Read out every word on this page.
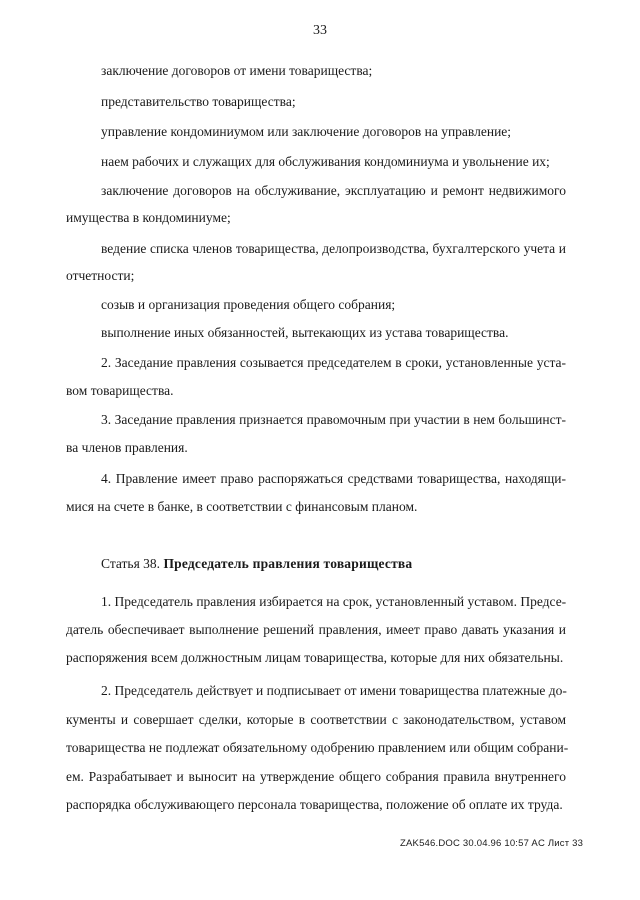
33
заключение договоров от имени товарищества;
представительство товарищества;
управление кондоминиумом или заключение договоров на управление;
наем рабочих и служащих для обслуживания кондоминиума и увольнение их;
заключение договоров на обслуживание, эксплуатацию и ремонт недвижимого
имущества в кондоминиуме;
ведение списка членов товарищества, делопроизводства, бухгалтерского учета и
отчетности;
созыв и организация проведения общего собрания;
выполнение иных обязанностей, вытекающих из устава товарищества.
2. Заседание правления созывается председателем в сроки, установленные уста-
вом товарищества.
3. Заседание правления признается правомочным при участии в нем большинст-
ва членов правления.
4. Правление имеет право распоряжаться средствами товарищества, находящи-
мися на счете в банке, в соответствии с финансовым планом.
Статья 38. Председатель правления товарищества
1. Председатель правления избирается на срок, установленный уставом. Предсе-
датель обеспечивает выполнение решений правления, имеет право давать указания и
распоряжения всем должностным лицам товарищества, которые для них обязательны.
2. Председатель действует и подписывает от имени товарищества платежные до-
кументы и совершает сделки, которые в соответствии с законодательством, уставом
товарищества не подлежат обязательному одобрению правлением или общим собрани-
ем. Разрабатывает и выносит на утверждение общего собрания правила внутреннего
распорядка обслуживающего персонала товарищества, положение об оплате их труда.
ZAK546.DOC 30.04.96 10:57 AC Лист 33
